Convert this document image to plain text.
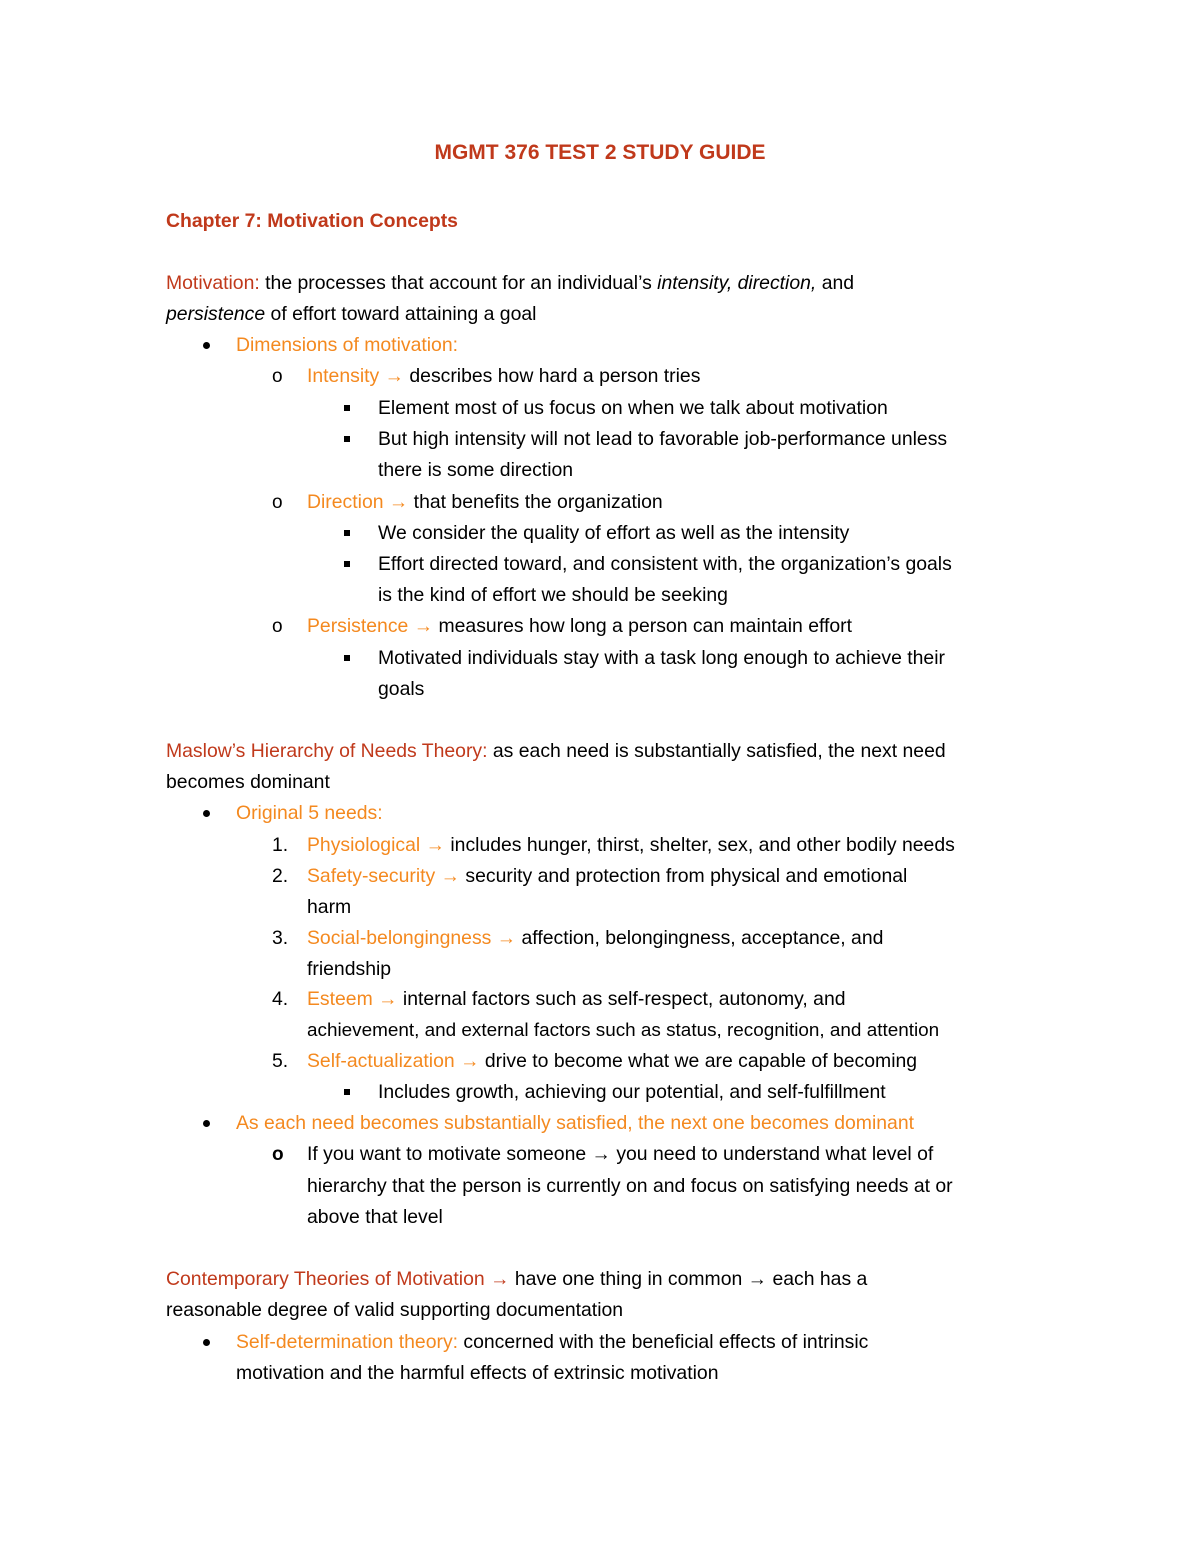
MGMT 376 TEST 2 STUDY GUIDE
Chapter 7: Motivation Concepts
Motivation: the processes that account for an individual’s intensity, direction, and
persistence of effort toward attaining a goal
Dimensions of motivation:
o Intensity → describes how hard a person tries
Element most of us focus on when we talk about motivation
But high intensity will not lead to favorable job-performance unless
there is some direction
o Direction → that benefits the organization
We consider the quality of effort as well as the intensity
Effort directed toward, and consistent with, the organization’s goals
is the kind of effort we should be seeking
o Persistence → measures how long a person can maintain effort
Motivated individuals stay with a task long enough to achieve their
goals
Maslow’s Hierarchy of Needs Theory: as each need is substantially satisfied, the next need
becomes dominant
Original 5 needs:
1. Physiological → includes hunger, thirst, shelter, sex, and other bodily needs
2. Safety-security → security and protection from physical and emotional
harm
3. Social-belongingness → affection, belongingness, acceptance, and
friendship
4. Esteem → internal factors such as self-respect, autonomy, and
achievement, and external factors such as status, recognition, and attention
5. Self-actualization → drive to become what we are capable of becoming
Includes growth, achieving our potential, and self-fulfillment
As each need becomes substantially satisfied, the next one becomes dominant
o If you want to motivate someone → you need to understand what level of
hierarchy that the person is currently on and focus on satisfying needs at or
above that level
Contemporary Theories of Motivation → have one thing in common → each has a
reasonable degree of valid supporting documentation
Self-determination theory: concerned with the beneficial effects of intrinsic
motivation and the harmful effects of extrinsic motivation
